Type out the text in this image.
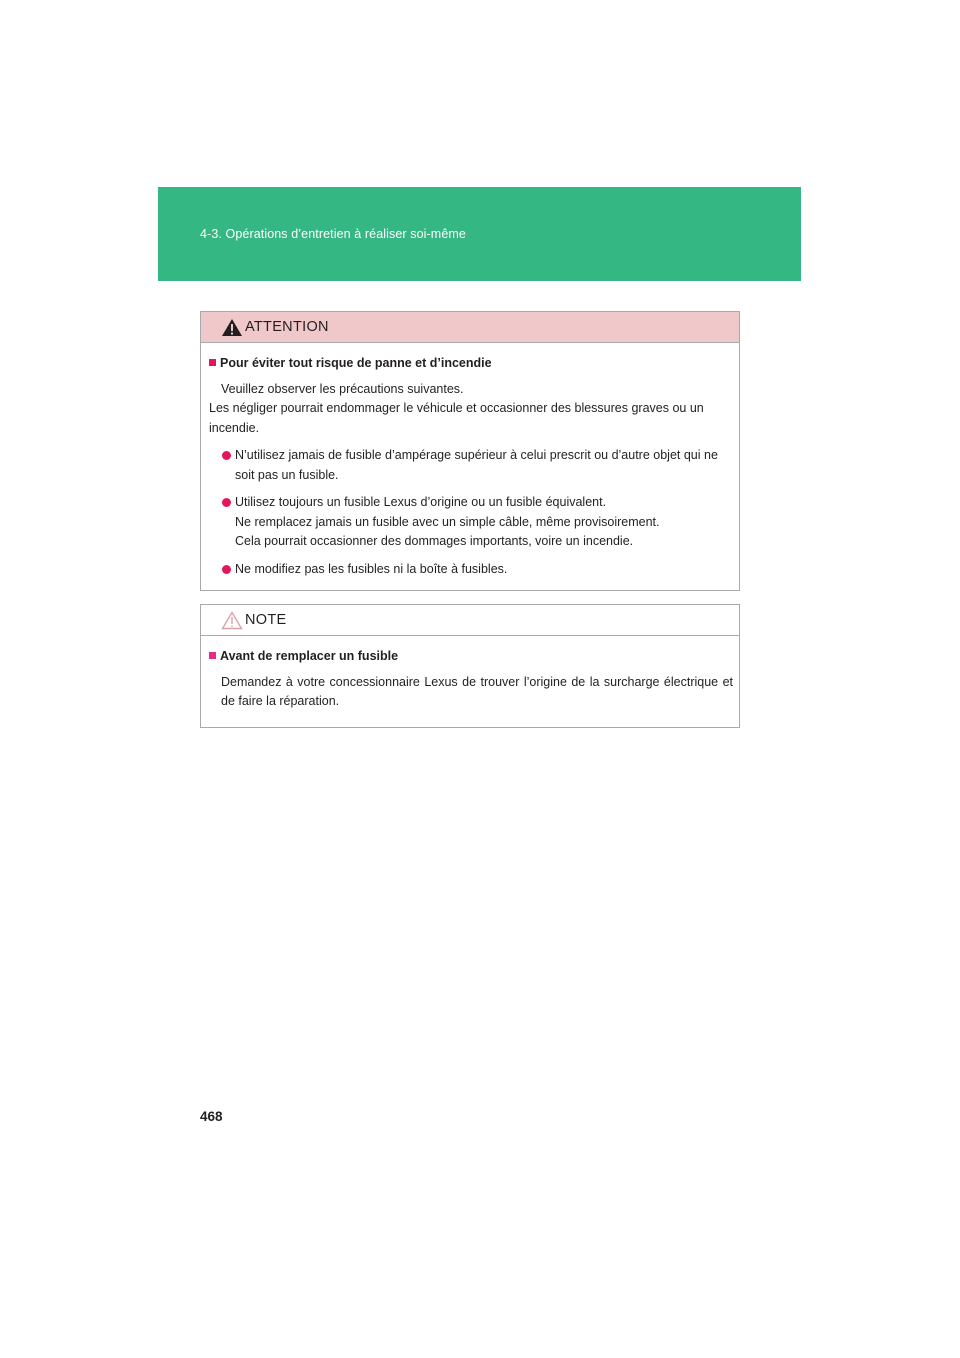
4-3. Opérations d’entretien à réaliser soi-même
ATTENTION
Pour éviter tout risque de panne et d’incendie
Veuillez observer les précautions suivantes.
Les négliger pourrait endommager le véhicule et occasionner des blessures graves ou un incendie.
N’utilisez jamais de fusible d’ampérage supérieur à celui prescrit ou d’autre objet qui ne soit pas un fusible.
Utilisez toujours un fusible Lexus d’origine ou un fusible équivalent.
Ne remplacez jamais un fusible avec un simple câble, même provisoirement.
Cela pourrait occasionner des dommages importants, voire un incendie.
Ne modifiez pas les fusibles ni la boîte à fusibles.
NOTE
Avant de remplacer un fusible
Demandez à votre concessionnaire Lexus de trouver l’origine de la surcharge électrique et de faire la réparation.
468
